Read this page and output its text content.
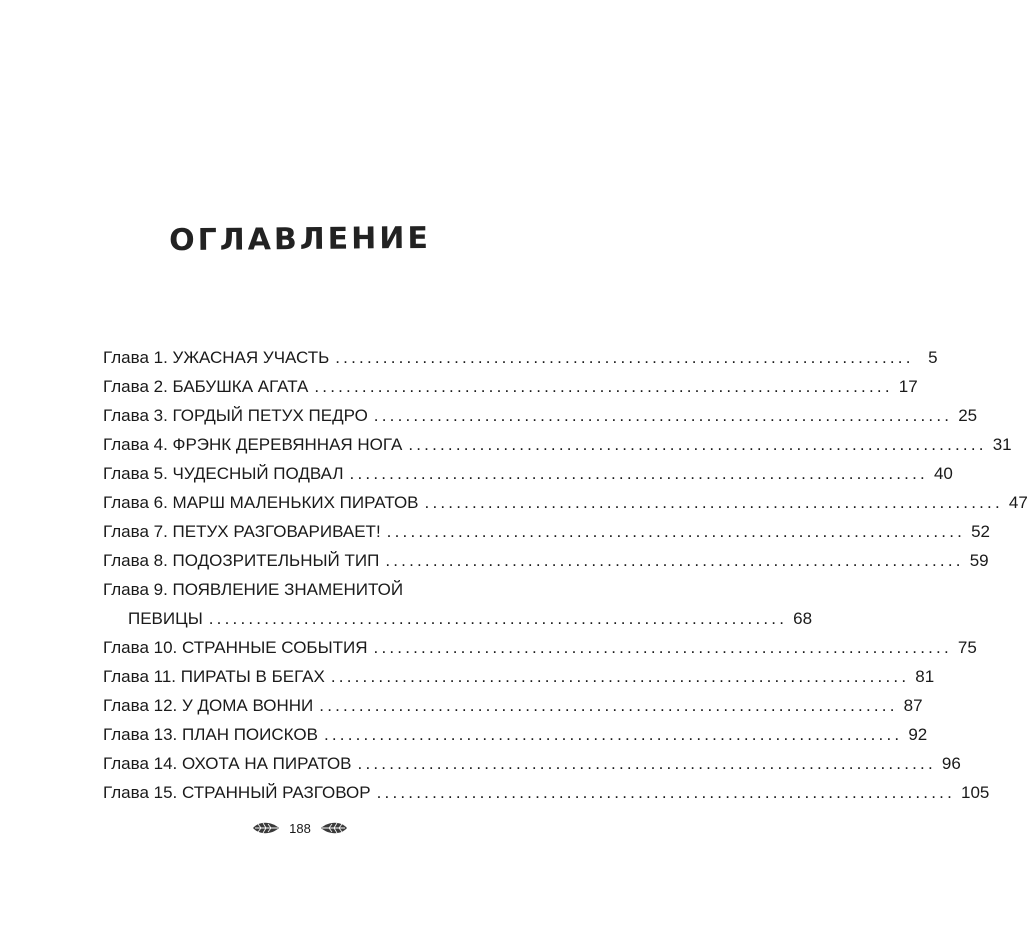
ОГЛАВЛЕНИЕ
Глава 1. УЖАСНАЯ УЧАСТЬ ......................................................................... 5
Глава 2. БАБУШКА АГАТА ......................................................................... 17
Глава 3. ГОРДЫЙ ПЕТУХ ПЕДРО ......................................................................... 25
Глава 4. ФРЭНК ДЕРЕВЯННАЯ НОГА ......................................................................... 31
Глава 5. ЧУДЕСНЫЙ ПОДВАЛ ......................................................................... 40
Глава 6. МАРШ МАЛЕНЬКИХ ПИРАТОВ ......................................................................... 47
Глава 7. ПЕТУХ РАЗГОВАРИВАЕТ! ......................................................................... 52
Глава 8. ПОДОЗРИТЕЛЬНЫЙ ТИП ......................................................................... 59
Глава 9. ПОЯВЛЕНИЕ ЗНАМЕНИТОЙ
ПЕВИЦЫ ......................................................................... 68
Глава 10. СТРАННЫЕ СОБЫТИЯ ......................................................................... 75
Глава 11. ПИРАТЫ В БЕГАХ ......................................................................... 81
Глава 12. У ДОМА ВОННИ ......................................................................... 87
Глава 13. ПЛАН ПОИСКОВ ......................................................................... 92
Глава 14. ОХОТА НА ПИРАТОВ ......................................................................... 96
Глава 15. СТРАННЫЙ РАЗГОВОР ......................................................................... 105
188
